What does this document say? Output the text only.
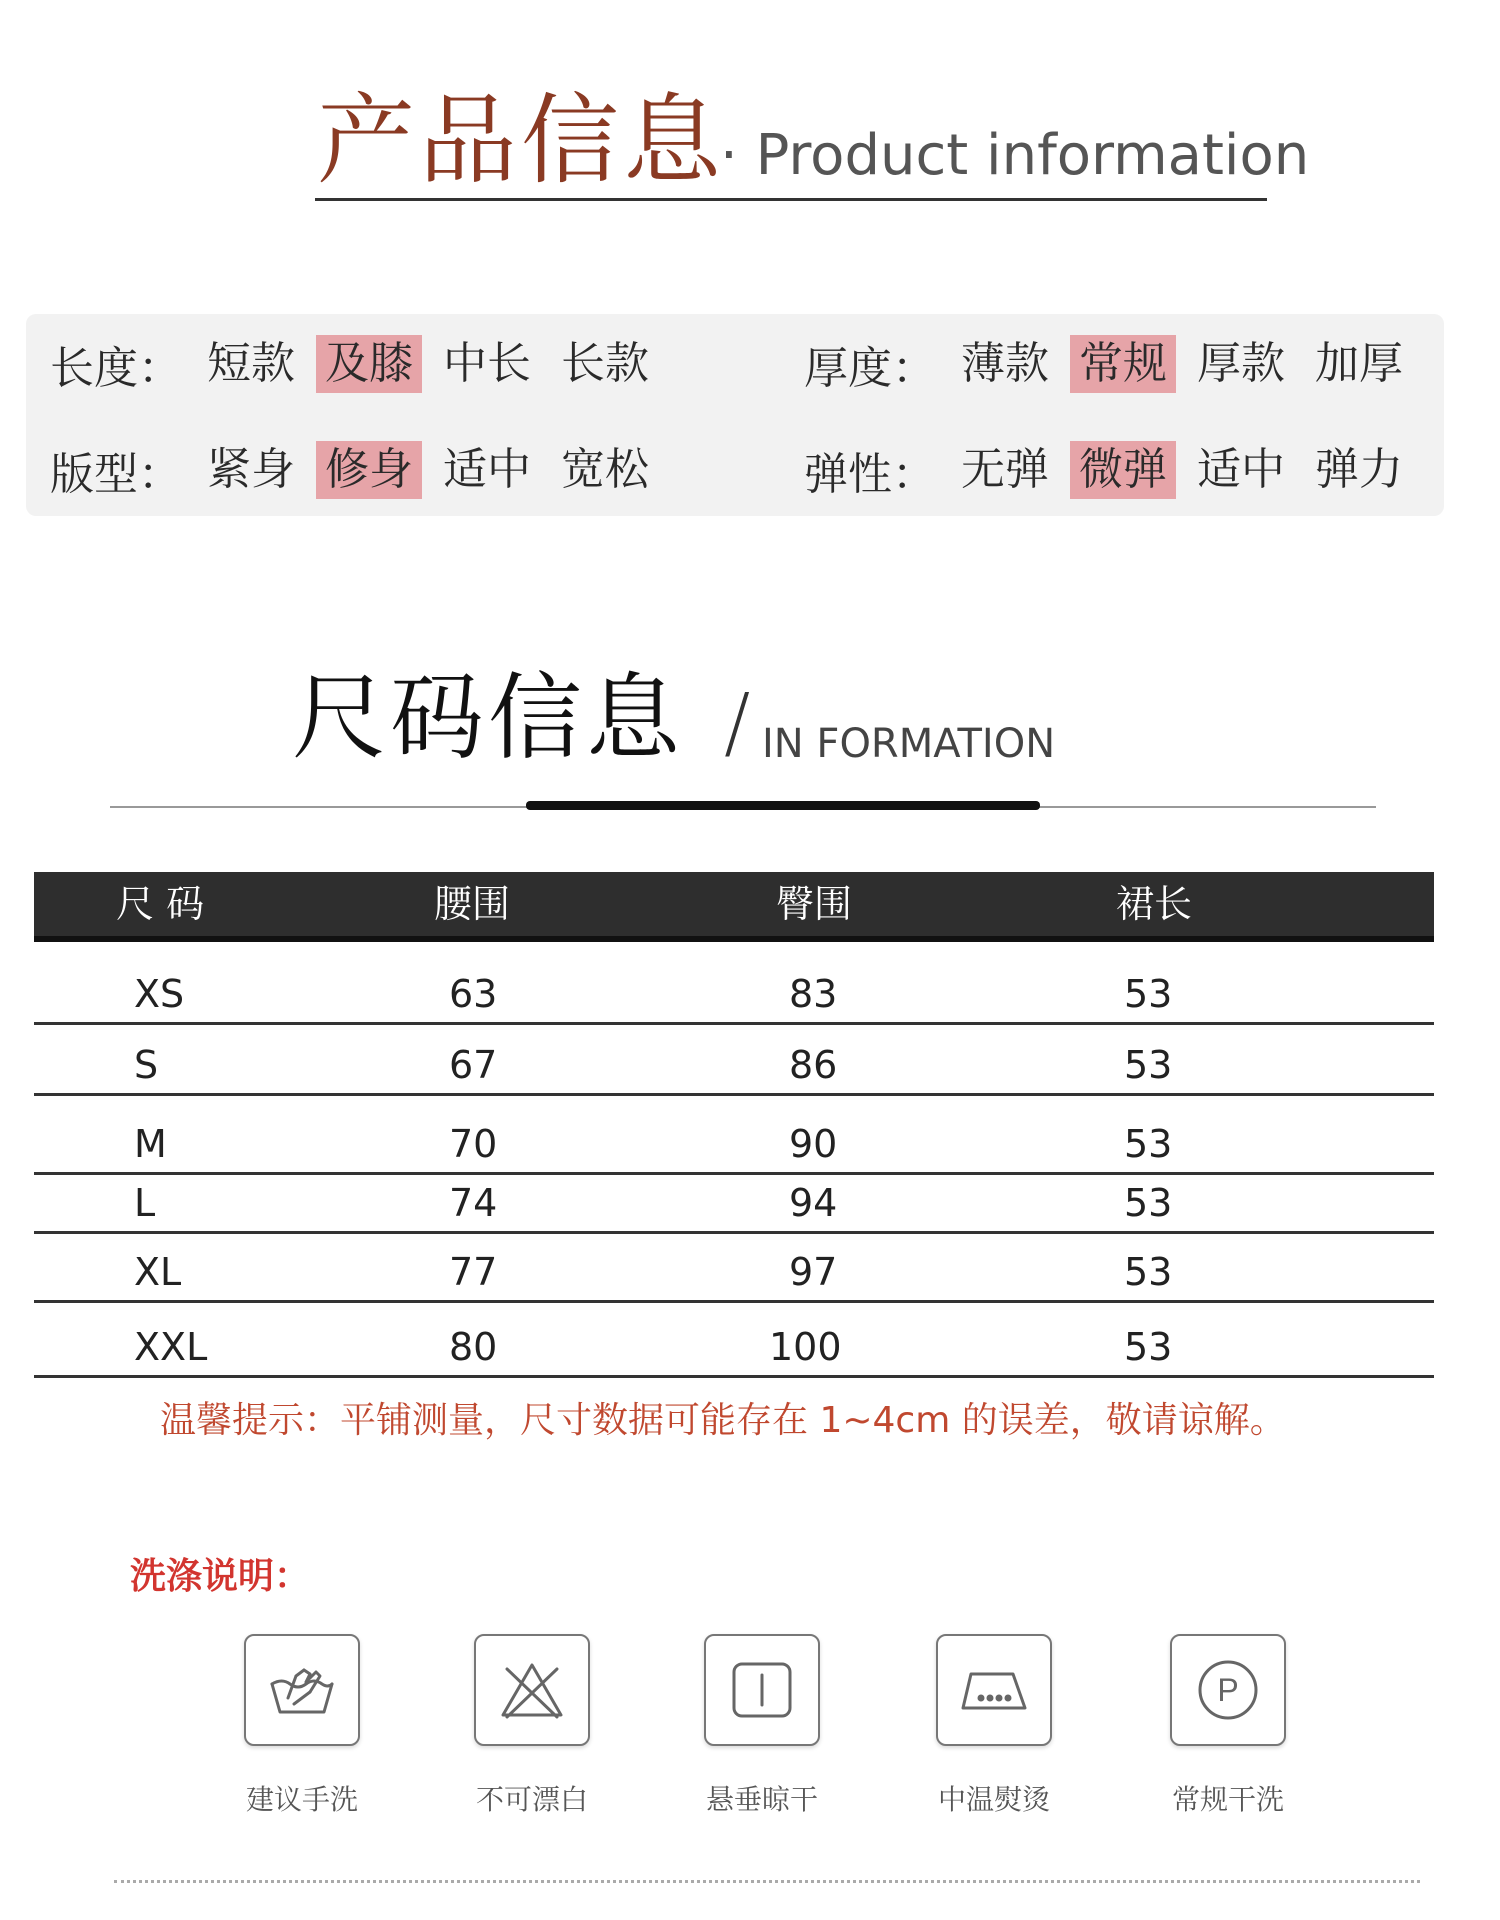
产品信息
· Product information
长度： 短款 及膝 中长 长款	厚度： 薄款 常规 厚款 加厚
版型： 紧身 修身 适中 宽松	弹性： 无弹 微弹 适中 弹力
尺码信息 / IN FORMATION
尺 码	腰围	臀围	裙长
XS	63	83	53
S	67	86	53
M	70	90	53
L	74	94	53
XL	77	97	53
XXL	80	100	53
温馨提示：平铺测量，尺寸数据可能存在 1~4cm 的误差，敬请谅解。
洗涤说明：
建议手洗	不可漂白	悬垂晾干	中温熨烫
P
常规干洗
